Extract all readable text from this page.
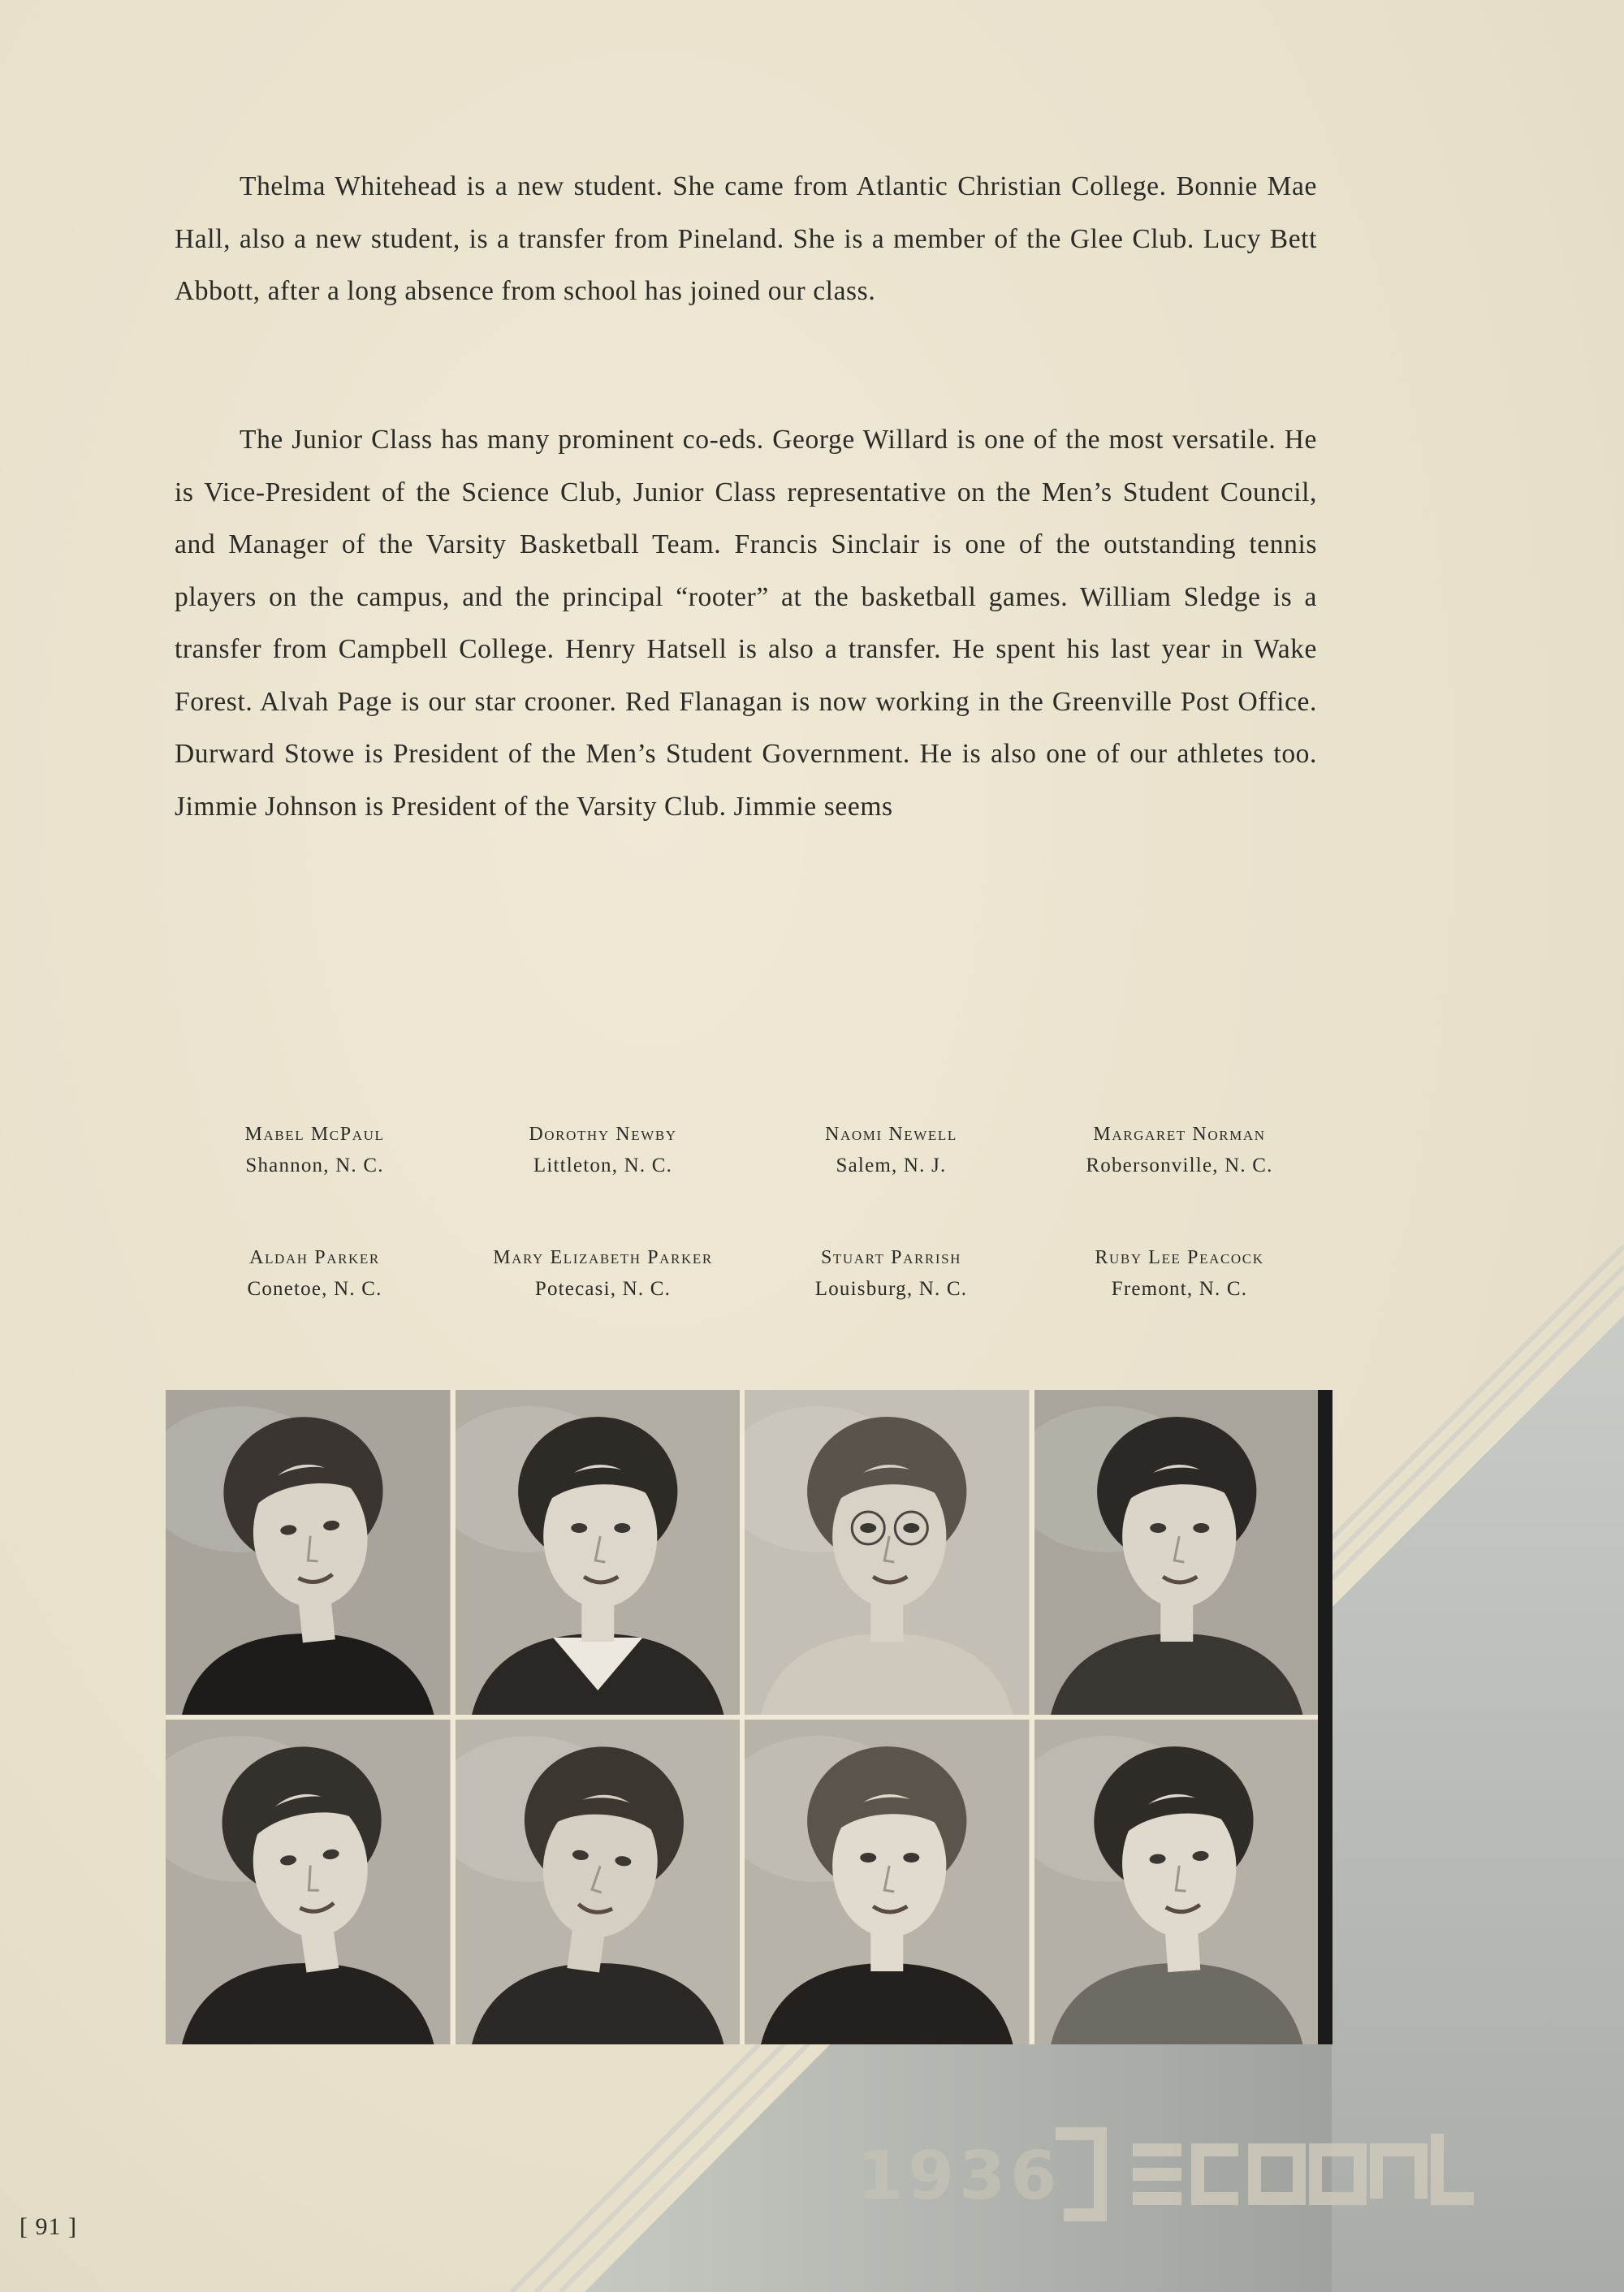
Thelma Whitehead is a new student. She came from Atlantic Christian College. Bonnie Mae Hall, also a new student, is a transfer from Pineland. She is a member of the Glee Club. Lucy Bett Abbott, after a long absence from school has joined our class.

The Junior Class has many prominent co-eds. George Willard is one of the most versatile. He is Vice-President of the Science Club, Junior Class representative on the Men’s Student Council, and Manager of the Varsity Basketball Team. Francis Sinclair is one of the outstanding tennis players on the campus, and the principal “rooter” at the basketball games. William Sledge is a transfer from Campbell College. Henry Hatsell is also a transfer. He spent his last year in Wake Forest. Alvah Page is our star crooner. Red Flanagan is now working in the Greenville Post Office. Durward Stowe is President of the Men’s Student Government. He is also one of our athletes too. Jimmie Johnson is President of the Varsity Club. Jimmie seems

Mabel McPaul
Shannon, N. C.
Dorothy Newby
Littleton, N. C.
Naomi Newell
Salem, N. J.
Margaret Norman
Robersonville, N. C.
Aldah Parker
Conetoe, N. C.
Mary Elizabeth Parker
Potecasi, N. C.
Stuart Parrish
Louisburg, N. C.
Ruby Lee Peacock
Fremont, N. C.
[ 91 ]
1936
